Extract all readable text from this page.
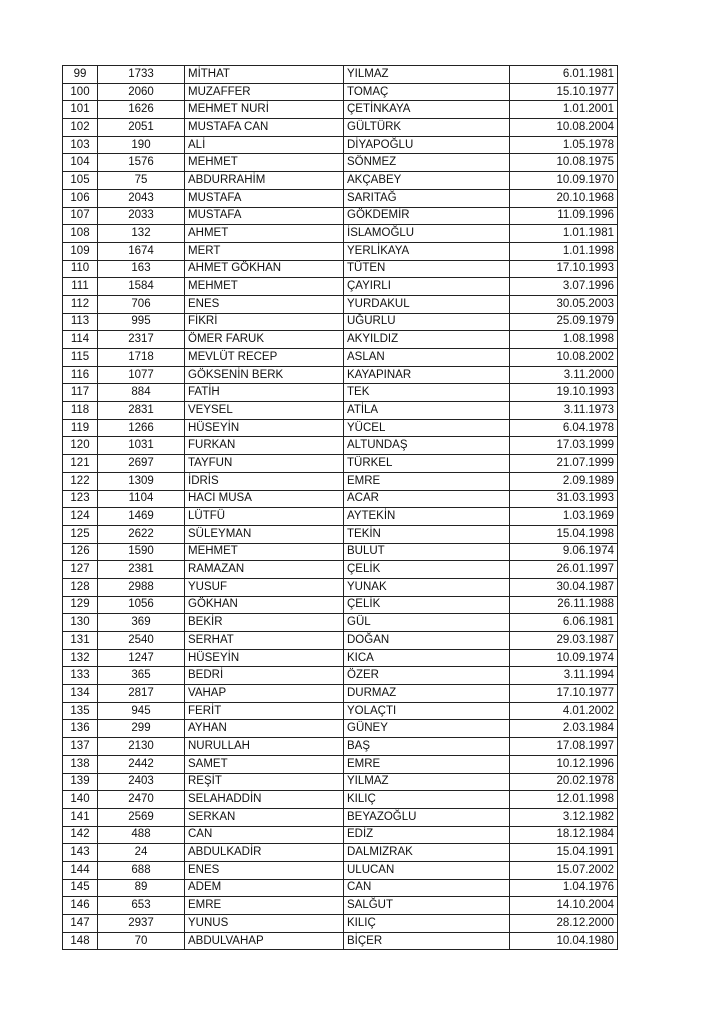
99	1733	MİTHAT	YILMAZ	6.01.1981
100	2060	MUZAFFER	TOMAÇ	15.10.1977
101	1626	MEHMET NURİ	ÇETİNKAYA	1.01.2001
102	2051	MUSTAFA CAN	GÜLTÜRK	10.08.2004
103	190	ALİ	DİYAPOĞLU	1.05.1978
104	1576	MEHMET	SÖNMEZ	10.08.1975
105	75	ABDURRAHİM	AKÇABEY	10.09.1970
106	2043	MUSTAFA	SARITAĞ	20.10.1968
107	2033	MUSTAFA	GÖKDEMİR	11.09.1996
108	132	AHMET	İSLAMOĞLU	1.01.1981
109	1674	MERT	YERLİKAYA	1.01.1998
110	163	AHMET GÖKHAN	TÜTEN	17.10.1993
111	1584	MEHMET	ÇAYIRLI	3.07.1996
112	706	ENES	YURDAKUL	30.05.2003
113	995	FİKRİ	UĞURLU	25.09.1979
114	2317	ÖMER FARUK	AKYILDIZ	1.08.1998
115	1718	MEVLÜT RECEP	ASLAN	10.08.2002
116	1077	GÖKSENİN BERK	KAYAPINAR	3.11.2000
117	884	FATİH	TEK	19.10.1993
118	2831	VEYSEL	ATİLA	3.11.1973
119	1266	HÜSEYİN	YÜCEL	6.04.1978
120	1031	FURKAN	ALTUNDAŞ	17.03.1999
121	2697	TAYFUN	TÜRKEL	21.07.1999
122	1309	İDRİS	EMRE	2.09.1989
123	1104	HACI MUSA	ACAR	31.03.1993
124	1469	LÜTFÜ	AYTEKİN	1.03.1969
125	2622	SÜLEYMAN	TEKİN	15.04.1998
126	1590	MEHMET	BULUT	9.06.1974
127	2381	RAMAZAN	ÇELİK	26.01.1997
128	2988	YUSUF	YUNAK	30.04.1987
129	1056	GÖKHAN	ÇELİK	26.11.1988
130	369	BEKİR	GÜL	6.06.1981
131	2540	SERHAT	DOĞAN	29.03.1987
132	1247	HÜSEYİN	KICA	10.09.1974
133	365	BEDRİ	ÖZER	3.11.1994
134	2817	VAHAP	DURMAZ	17.10.1977
135	945	FERİT	YOLAÇTI	4.01.2002
136	299	AYHAN	GÜNEY	2.03.1984
137	2130	NURULLAH	BAŞ	17.08.1997
138	2442	SAMET	EMRE	10.12.1996
139	2403	REŞİT	YILMAZ	20.02.1978
140	2470	SELAHADDİN	KILIÇ	12.01.1998
141	2569	SERKAN	BEYAZOĞLU	3.12.1982
142	488	CAN	EDİZ	18.12.1984
143	24	ABDULKADİR	DALMIZRAK	15.04.1991
144	688	ENES	ULUCAN	15.07.2002
145	89	ADEM	CAN	1.04.1976
146	653	EMRE	SALĞUT	14.10.2004
147	2937	YUNUS	KILIÇ	28.12.2000
148	70	ABDULVAHAP	BİÇER	10.04.1980
